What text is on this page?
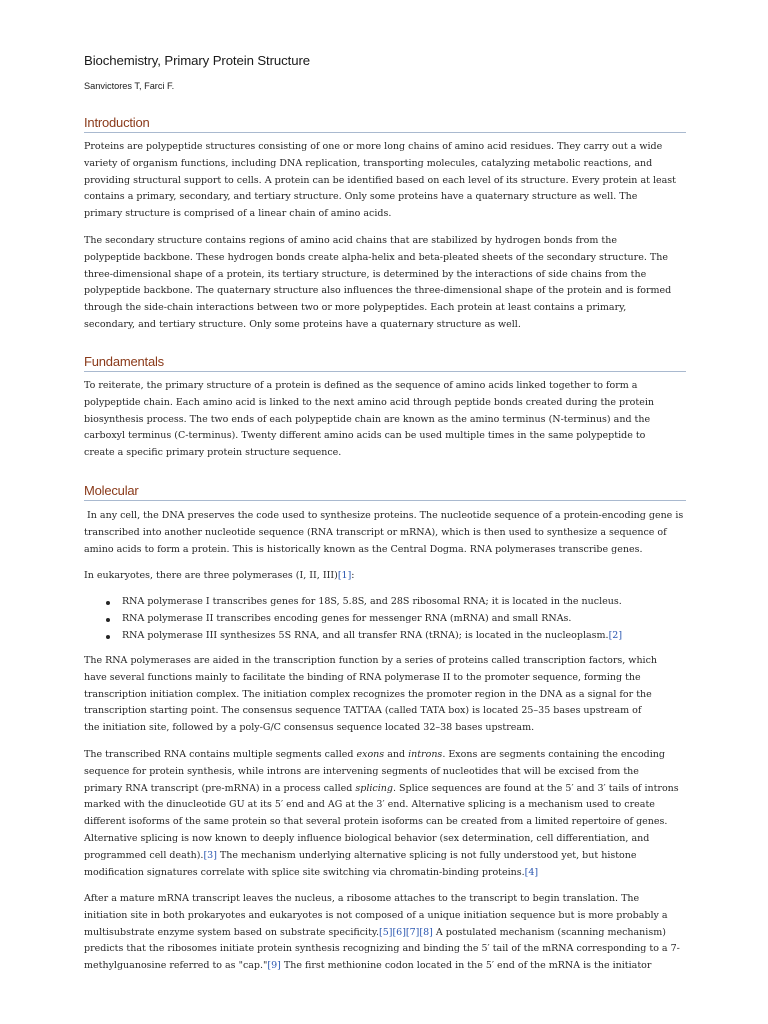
Biochemistry, Primary Protein Structure
Sanvictores T, Farci F.
Introduction

Proteins are polypeptide structures consisting of one or more long chains of amino acid residues. They carry out a wide
variety of organism functions, including DNA replication, transporting molecules, catalyzing metabolic reactions, and
providing structural support to cells. A protein can be identified based on each level of its structure. Every protein at least
contains a primary, secondary, and tertiary structure. Only some proteins have a quaternary structure as well. The
primary structure is comprised of a linear chain of amino acids.

The secondary structure contains regions of amino acid chains that are stabilized by hydrogen bonds from the
polypeptide backbone. These hydrogen bonds create alpha-helix and beta-pleated sheets of the secondary structure. The
three-dimensional shape of a protein, its tertiary structure, is determined by the interactions of side chains from the
polypeptide backbone. The quaternary structure also influences the three-dimensional shape of the protein and is formed
through the side-chain interactions between two or more polypeptides. Each protein at least contains a primary,
secondary, and tertiary structure. Only some proteins have a quaternary structure as well.

Fundamentals

To reiterate, the primary structure of a protein is defined as the sequence of amino acids linked together to form a
polypeptide chain. Each amino acid is linked to the next amino acid through peptide bonds created during the protein
biosynthesis process. The two ends of each polypeptide chain are known as the amino terminus (N-terminus) and the
carboxyl terminus (C-terminus). Twenty different amino acids can be used multiple times in the same polypeptide to
create a specific primary protein structure sequence.

Molecular

In any cell, the DNA preserves the code used to synthesize proteins. The nucleotide sequence of a protein-encoding gene is
transcribed into another nucleotide sequence (RNA transcript or mRNA), which is then used to synthesize a sequence of
amino acids to form a protein. This is historically known as the Central Dogma. RNA polymerases transcribe genes.

In eukaryotes, there are three polymerases (I, II, III)[1]:

RNA polymerase I transcribes genes for 18S, 5.8S, and 28S ribosomal RNA; it is located in the nucleus.
RNA polymerase II transcribes encoding genes for messenger RNA (mRNA) and small RNAs.
RNA polymerase III synthesizes 5S RNA, and all transfer RNA (tRNA); is located in the nucleoplasm.[2]

The RNA polymerases are aided in the transcription function by a series of proteins called transcription factors, which
have several functions mainly to facilitate the binding of RNA polymerase II to the promoter sequence, forming the
transcription initiation complex. The initiation complex recognizes the promoter region in the DNA as a signal for the
transcription starting point. The consensus sequence TATTAA (called TATA box) is located 25–35 bases upstream of
the initiation site, followed by a poly-G/C consensus sequence located 32–38 bases upstream.

The transcribed RNA contains multiple segments called exons and introns. Exons are segments containing the encoding
sequence for protein synthesis, while introns are intervening segments of nucleotides that will be excised from the
primary RNA transcript (pre-mRNA) in a process called splicing. Splice sequences are found at the 5′ and 3′ tails of introns
marked with the dinucleotide GU at its 5′ end and AG at the 3′ end. Alternative splicing is a mechanism used to create
different isoforms of the same protein so that several protein isoforms can be created from a limited repertoire of genes.
Alternative splicing is now known to deeply influence biological behavior (sex determination, cell differentiation, and
programmed cell death).[3] The mechanism underlying alternative splicing is not fully understood yet, but histone
modification signatures correlate with splice site switching via chromatin-binding proteins.[4]

After a mature mRNA transcript leaves the nucleus, a ribosome attaches to the transcript to begin translation. The
initiation site in both prokaryotes and eukaryotes is not composed of a unique initiation sequence but is more probably a
multisubstrate enzyme system based on substrate specificity.[5][6][7][8] A postulated mechanism (scanning mechanism)
predicts that the ribosomes initiate protein synthesis recognizing and binding the 5′ tail of the mRNA corresponding to a 7-
methylguanosine referred to as "cap."[9] The first methionine codon located in the 5′ end of the mRNA is the initiator
